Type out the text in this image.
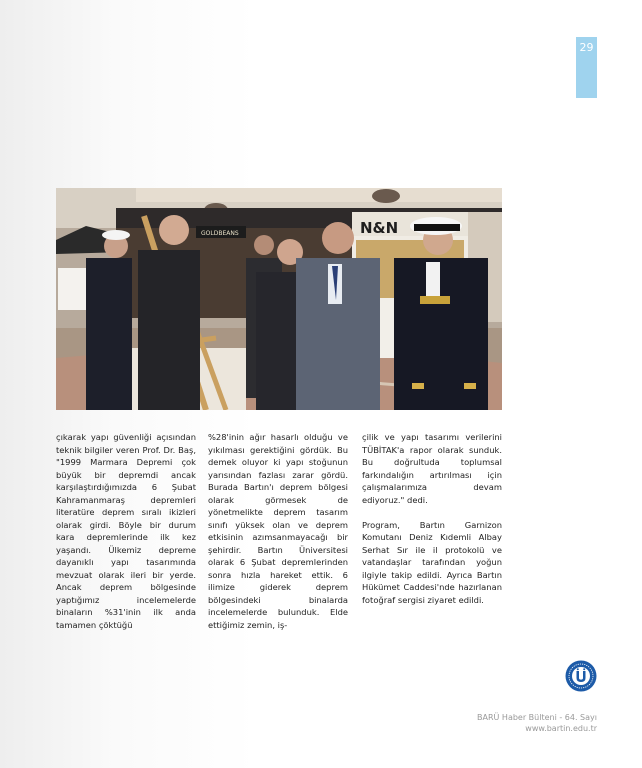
29
GOLDBEANS	N&N

çıkarak yapı güvenliği açısından teknik bilgiler veren Prof. Dr. Baş, "1999 Marmara Depremi çok büyük bir depremdi ancak karşılaştırdığımızda 6 Şubat Kahramanmaraş depremleri literatüre deprem sıralı ikizleri olarak girdi. Böyle bir durum kara depremlerinde ilk kez yaşandı. Ülkemiz depreme dayanıklı yapı tasarımında mevzuat olarak ileri bir yerde. Ancak deprem bölgesinde yaptığımız incelemelerde binaların %31'inin ilk anda tamamen çöktüğü

%28'inin ağır hasarlı olduğu ve yıkılması gerektiğini gördük. Bu demek oluyor ki yapı stoğunun yarısından fazlası zarar gördü. Burada Bartın'ı deprem bölgesi olarak görmesek de yönetmelikte deprem tasarım sınıfı yüksek olan ve deprem etkisinin azımsanmayacağı bir şehirdir. Bartın Üniversitesi olarak 6 Şubat depremlerinden sonra hızla hareket ettik. 6 ilimize giderek deprem bölgesindeki binalarda incelemelerde bulunduk. Elde ettiğimiz zemin, iş-

çilik ve yapı tasarımı verilerini TÜBİTAK'a rapor olarak sunduk. Bu doğrultuda toplumsal farkındalığın artırılması için çalışmalarımıza devam ediyoruz." dedi.

Program, Bartın Garnizon Komutanı Deniz Kıdemli Albay Serhat Sır ile il protokolü ve vatandaşlar tarafından yoğun ilgiyle takip edildi. Ayrıca Bartın Hükümet Caddesi'nde hazırlanan fotoğraf sergisi ziyaret edildi.

BARÜ Haber Bülteni - 64. Sayı
www.bartin.edu.tr
